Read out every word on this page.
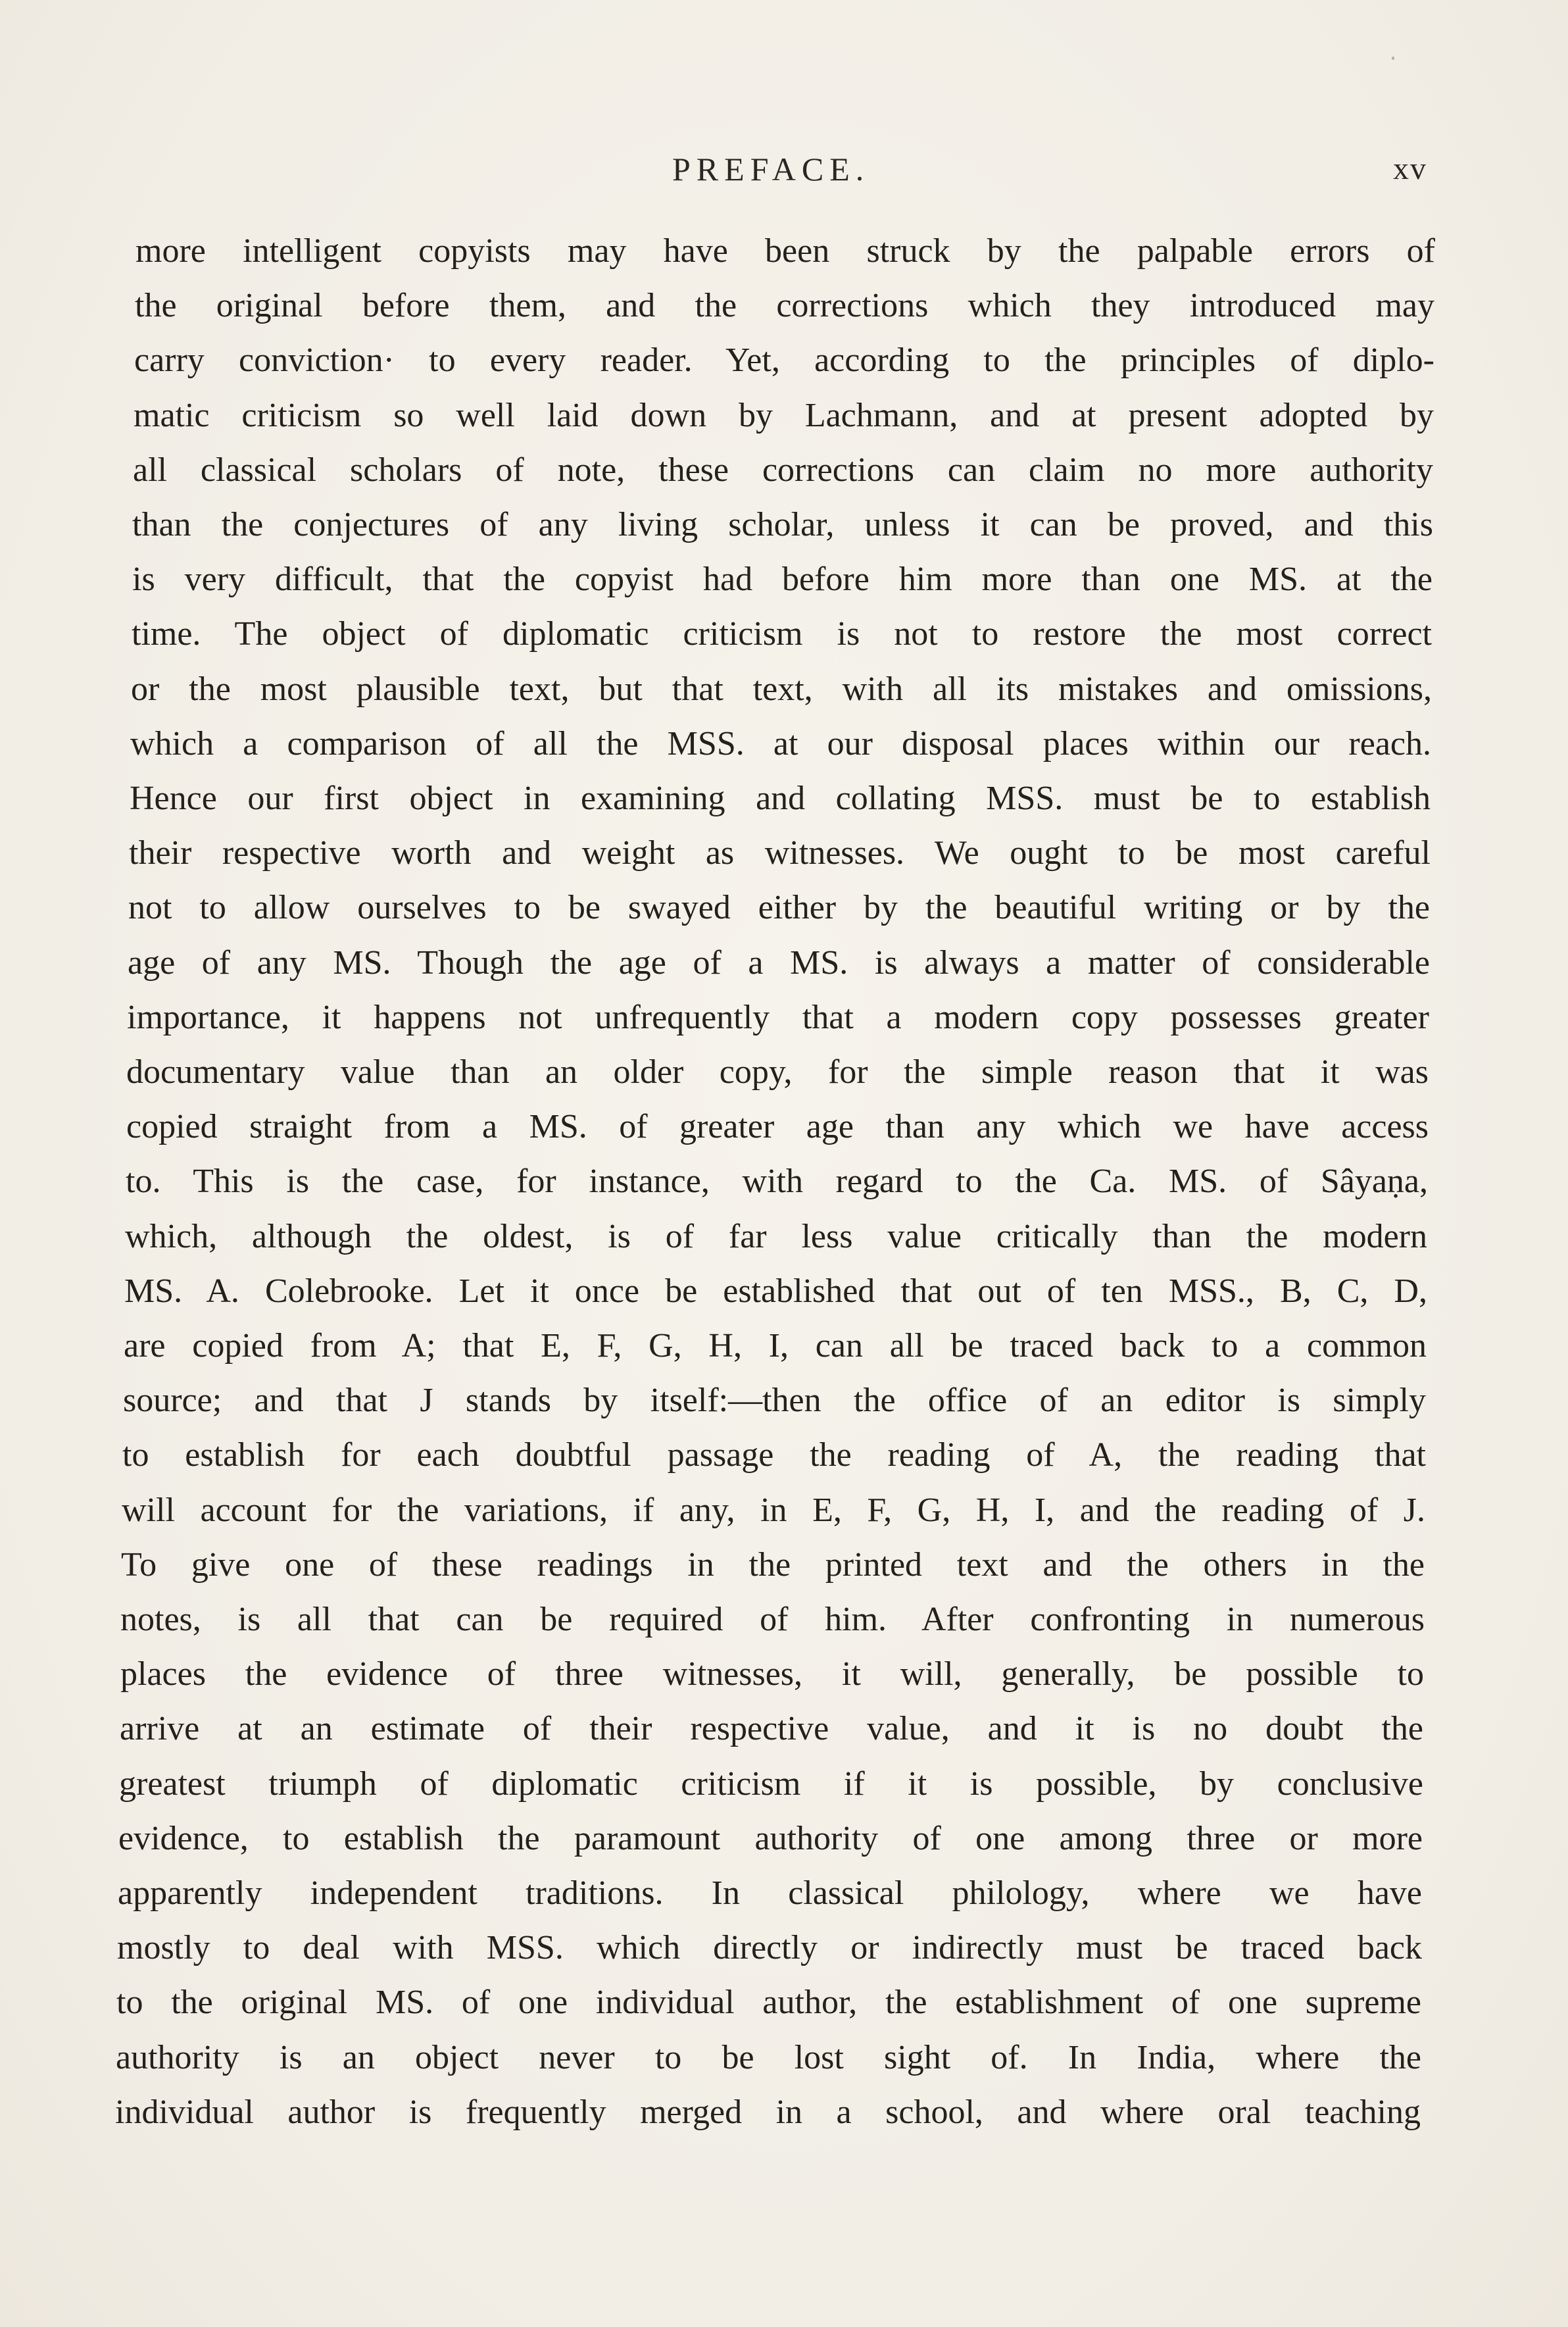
PREFACE.	xv
more intelligent copyists may have been struck by the palpable errors of
the original before them, and the corrections which they introduced may
carry conviction· to every reader. Yet, according to the principles of diplo-
matic criticism so well laid down by Lachmann, and at present adopted by
all classical scholars of note, these corrections can claim no more authority
than the conjectures of any living scholar, unless it can be proved, and this
is very difficult, that the copyist had before him more than one MS. at the
time. The object of diplomatic criticism is not to restore the most correct
or the most plausible text, but that text, with all its mistakes and omissions,
which a comparison of all the MSS. at our disposal places within our reach.
Hence our first object in examining and collating MSS. must be to establish
their respective worth and weight as witnesses. We ought to be most careful
not to allow ourselves to be swayed either by the beautiful writing or by the
age of any MS. Though the age of a MS. is always a matter of considerable
importance, it happens not unfrequently that a modern copy possesses greater
documentary value than an older copy, for the simple reason that it was
copied straight from a MS. of greater age than any which we have access
to. This is the case, for instance, with regard to the Ca. MS. of Sâyaṇa,
which, although the oldest, is of far less value critically than the modern
MS. A. Colebrooke. Let it once be established that out of ten MSS., B, C, D,
are copied from A; that E, F, G, H, I, can all be traced back to a common
source; and that J stands by itself:—then the office of an editor is simply
to establish for each doubtful passage the reading of A, the reading that
will account for the variations, if any, in E, F, G, H, I, and the reading of J.
To give one of these readings in the printed text and the others in the
notes, is all that can be required of him. After confronting in numerous
places the evidence of three witnesses, it will, generally, be possible to
arrive at an estimate of their respective value, and it is no doubt the
greatest triumph of diplomatic criticism if it is possible, by conclusive
evidence, to establish the paramount authority of one among three or more
apparently independent traditions. In classical philology, where we have
mostly to deal with MSS. which directly or indirectly must be traced back
to the original MS. of one individual author, the establishment of one supreme
authority is an object never to be lost sight of. In India, where the
individual author is frequently merged in a school, and where oral teaching
